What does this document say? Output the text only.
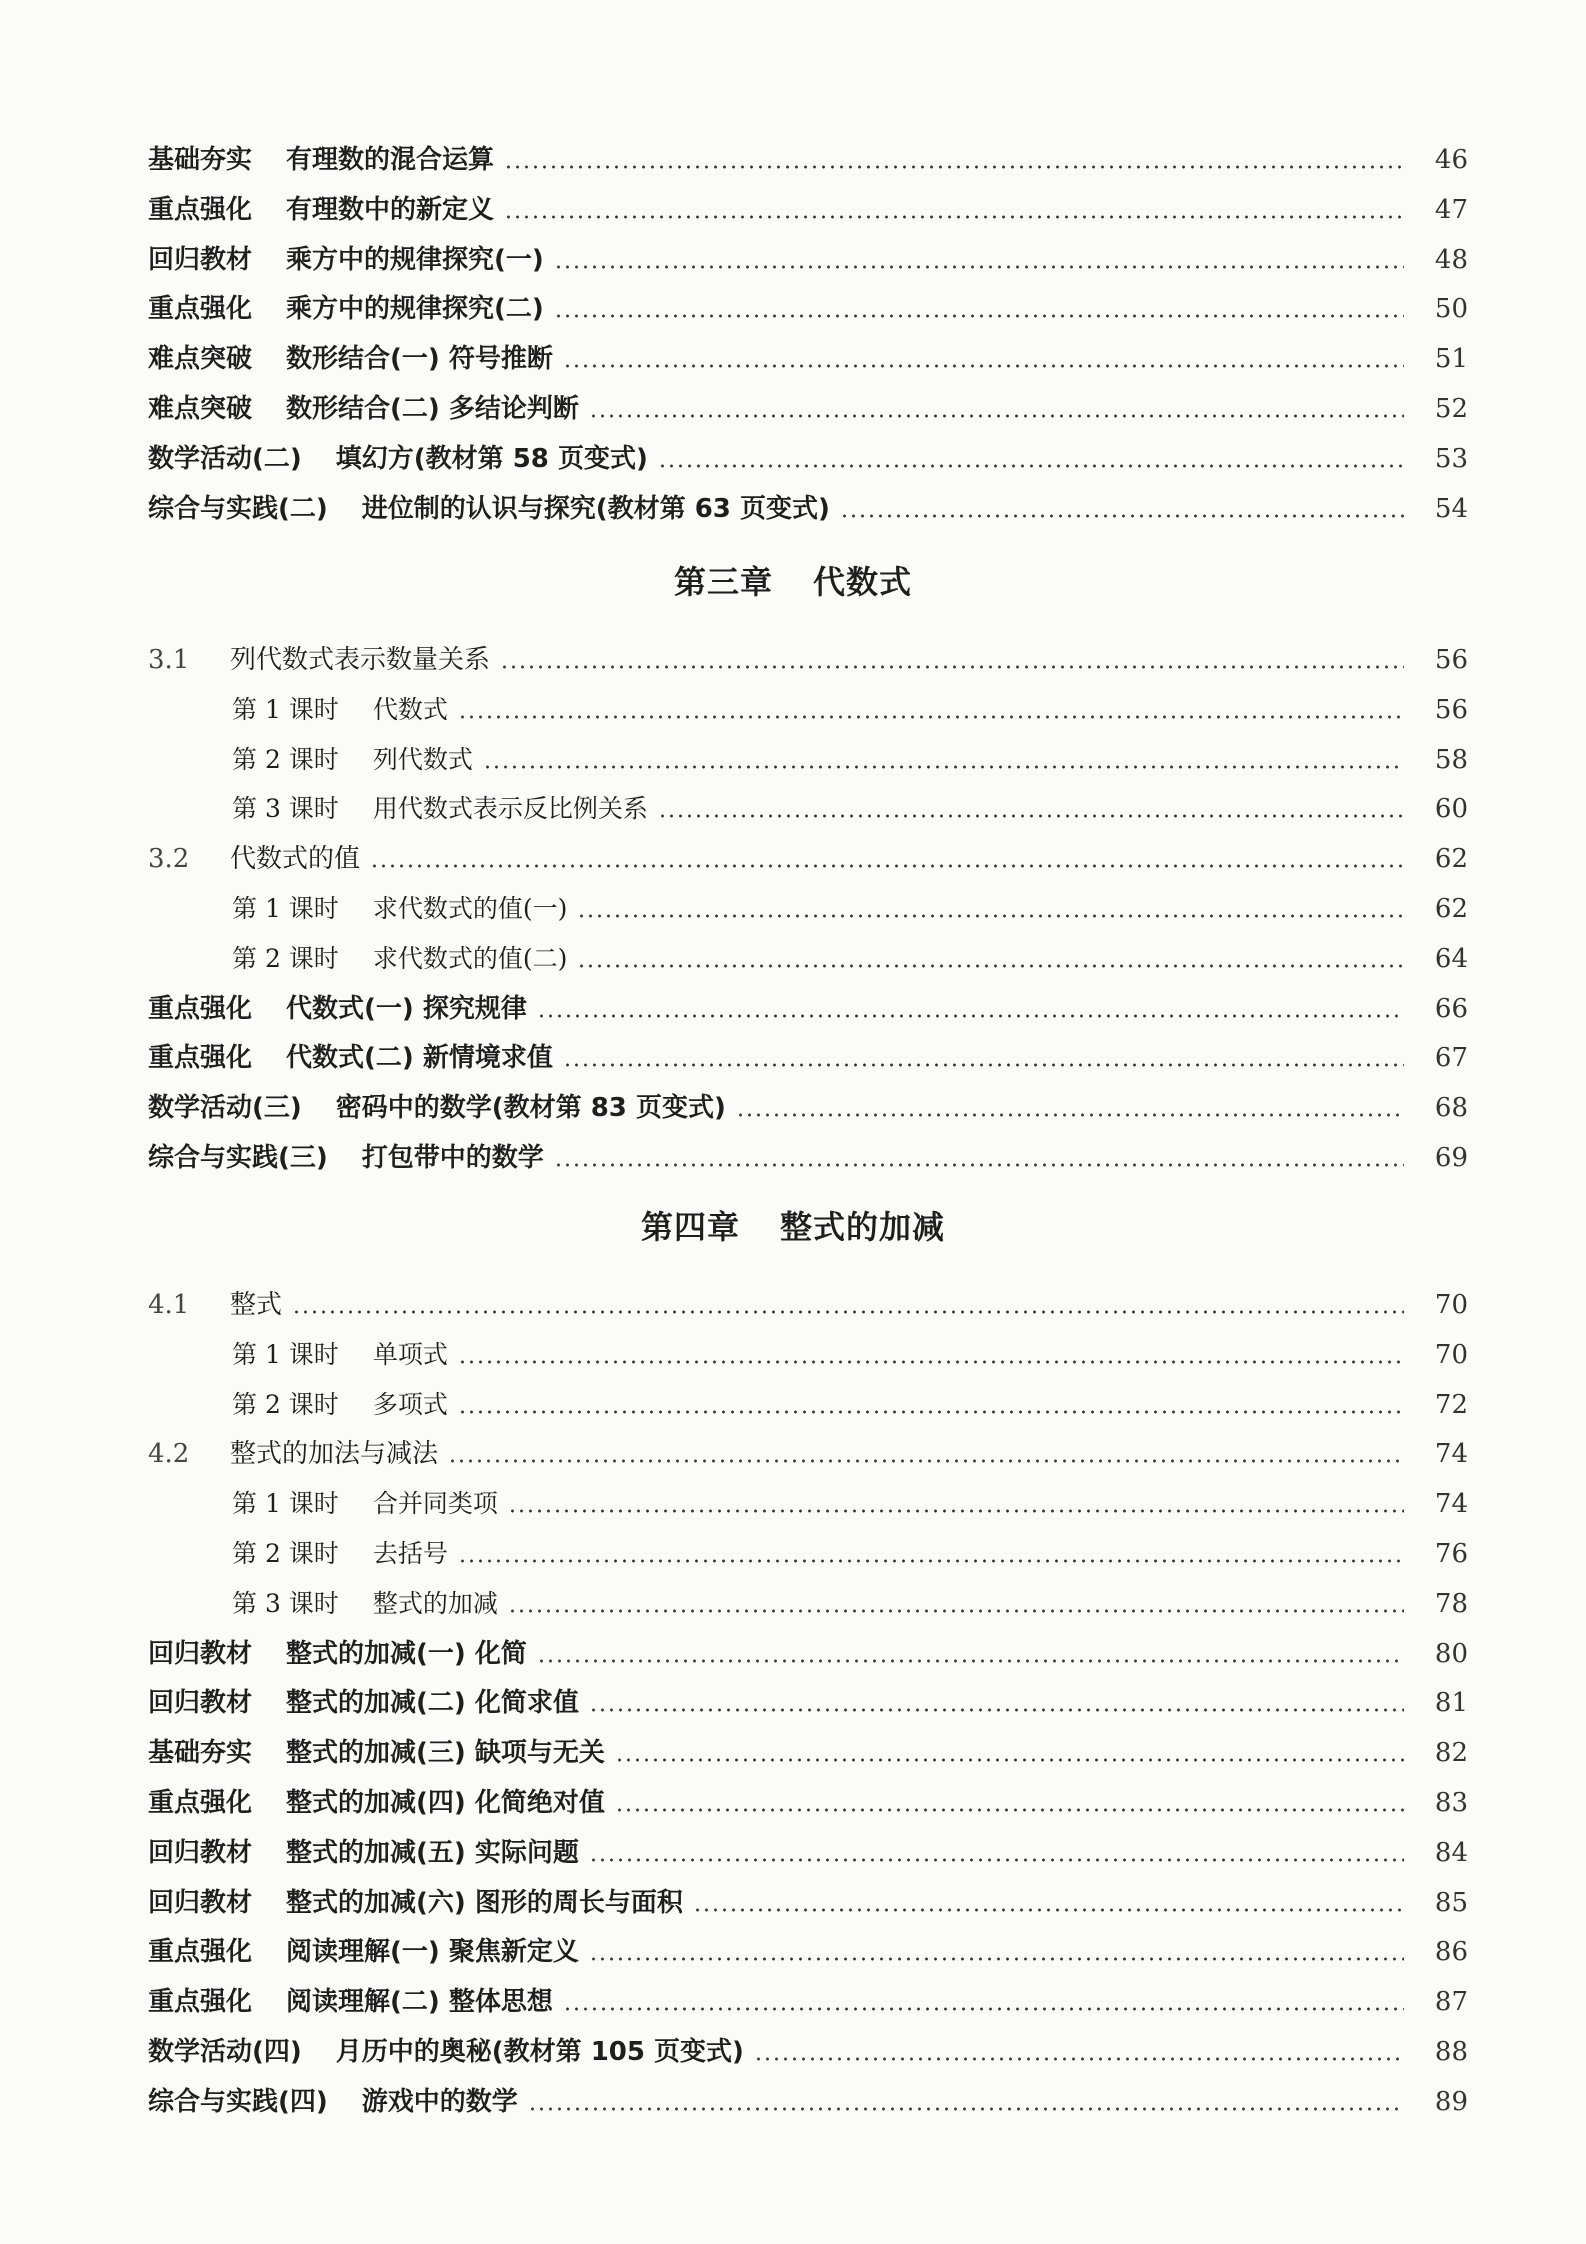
基础夯实 有理数的混合运算	46
重点强化 有理数中的新定义	47
回归教材 乘方中的规律探究(一)	48
重点强化 乘方中的规律探究(二)	50
难点突破 数形结合(一) 符号推断	51
难点突破 数形结合(二) 多结论判断	52
数学活动(二) 填幻方(教材第 58 页变式)	53
综合与实践(二) 进位制的认识与探究(教材第 63 页变式)	54
第三章 代数式
3.1 列代数式表示数量关系	56
第 1 课时 代数式	56
第 2 课时 列代数式	58
第 3 课时 用代数式表示反比例关系	60
3.2 代数式的值	62
第 1 课时 求代数式的值(一)	62
第 2 课时 求代数式的值(二)	64
重点强化 代数式(一) 探究规律	66
重点强化 代数式(二) 新情境求值	67
数学活动(三) 密码中的数学(教材第 83 页变式)	68
综合与实践(三) 打包带中的数学	69
第四章 整式的加减
4.1 整式	70
第 1 课时 单项式	70
第 2 课时 多项式	72
4.2 整式的加法与减法	74
第 1 课时 合并同类项	74
第 2 课时 去括号	76
第 3 课时 整式的加减	78
回归教材 整式的加减(一) 化简	80
回归教材 整式的加减(二) 化简求值	81
基础夯实 整式的加减(三) 缺项与无关	82
重点强化 整式的加减(四) 化简绝对值	83
回归教材 整式的加减(五) 实际问题	84
回归教材 整式的加减(六) 图形的周长与面积	85
重点强化 阅读理解(一) 聚焦新定义	86
重点强化 阅读理解(二) 整体思想	87
数学活动(四) 月历中的奥秘(教材第 105 页变式)	88
综合与实践(四) 游戏中的数学	89
